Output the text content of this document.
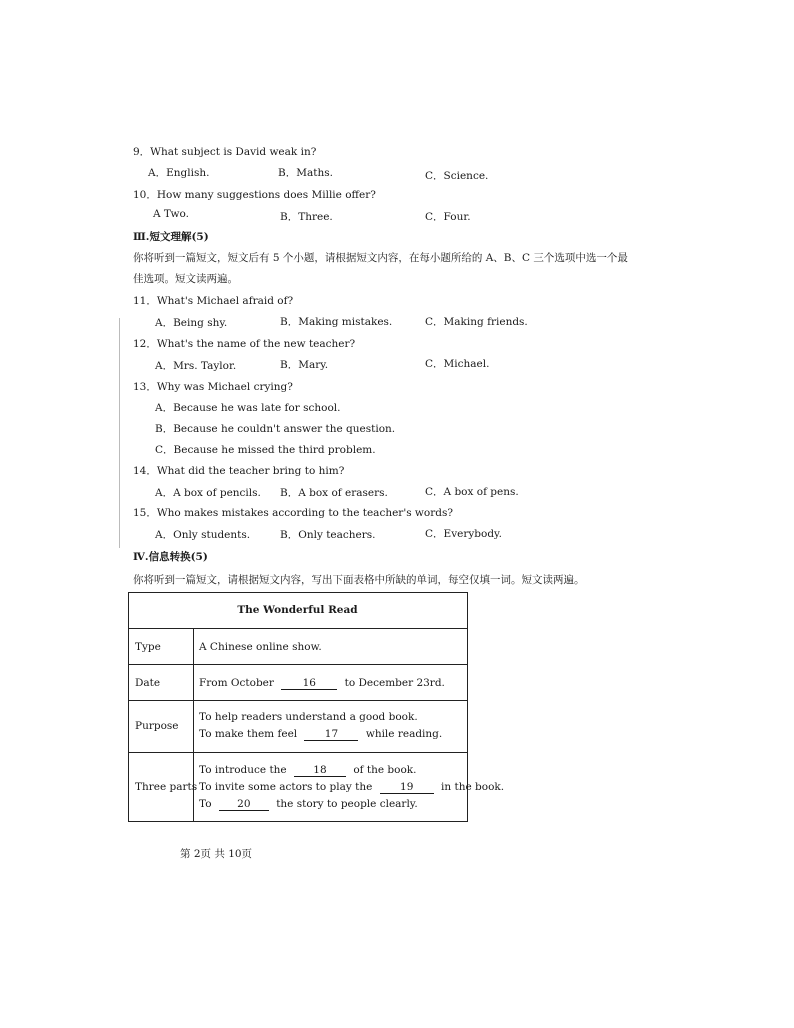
9．What subject is David weak in?
A．English.	B．Maths.	C．Science.
10．How many suggestions does Millie offer?
A Two.	B．Three.	C．Four.
Ⅲ.短文理解(5)
你将听到一篇短文，短文后有 5 个小题，请根据短文内容，在每小题所给的 A、B、C 三个选项中选一个最
佳选项。短文读两遍。
11．What's Michael afraid of?
A．Being shy.	B．Making mistakes.	C．Making friends.
12．What's the name of the new teacher?
A．Mrs. Taylor.	B．Mary.	C．Michael.
13．Why was Michael crying?
A．Because he was late for school.
B．Because he couldn't answer the question.
C．Because he missed the third problem.
14．What did the teacher bring to him?
A．A box of pencils. B．A box of erasers.	C．A box of pens.
15．Who makes mistakes according to the teacher's words?
A．Only students.	B．Only teachers.	C．Everybody.
Ⅳ.信息转换(5)
你将听到一篇短文，请根据短文内容，写出下面表格中所缺的单词，每空仅填一词。短文读两遍。
The Wonderful Read
Type	A Chinese online show.
Date	From October	16	to December 23rd.
Purpose
To help readers understand a good book.
To make them feel	17	while reading.
Three parts
To introduce the	18	of the book.
To invite some actors to play the	19	in the book.
To 20 the story to people clearly.
第 2页 共 10页
